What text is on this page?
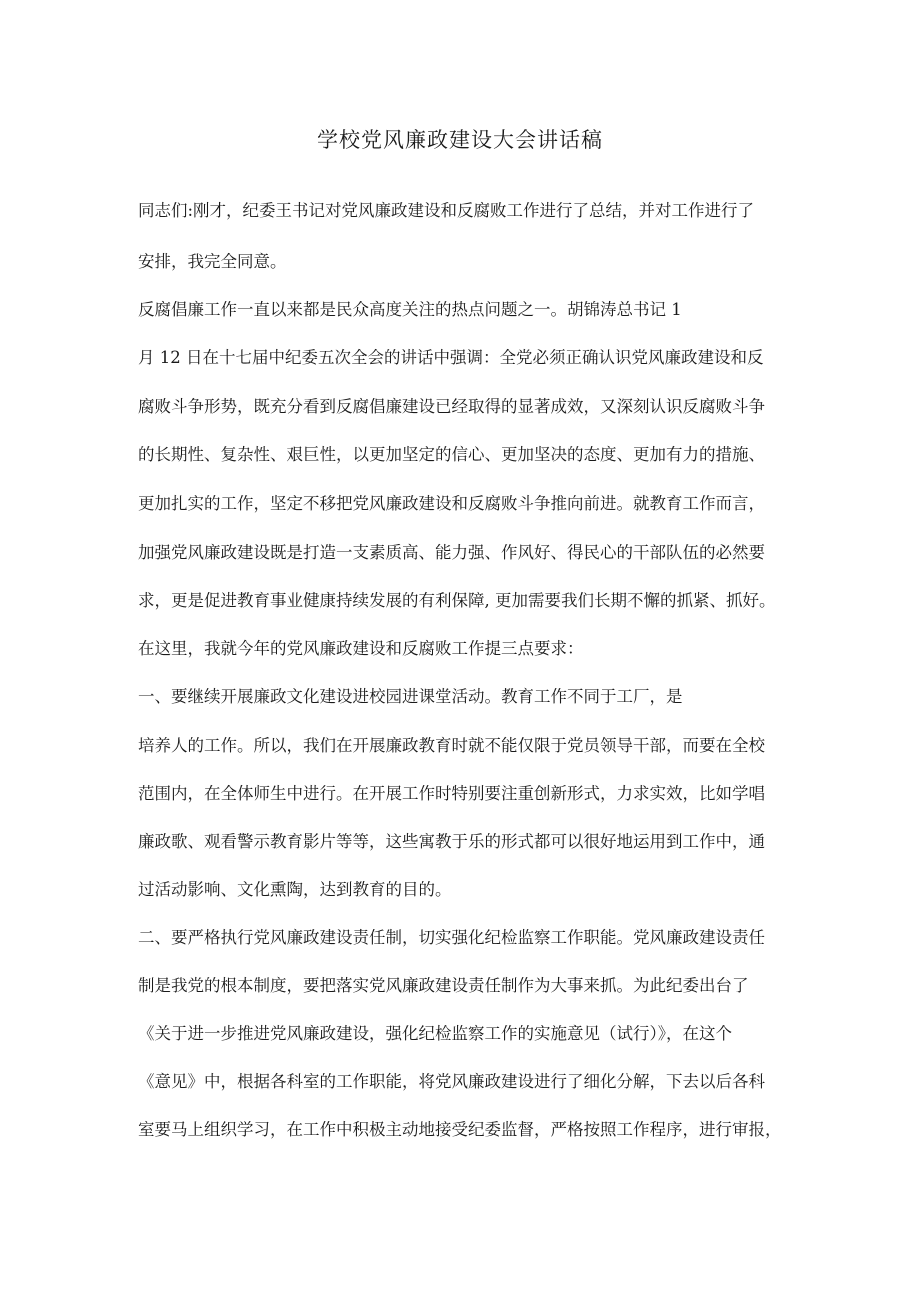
学校党风廉政建设大会讲话稿
同志们:刚才，纪委王书记对党风廉政建设和反腐败工作进行了总结，并对工作进行了
安排，我完全同意。
反腐倡廉工作一直以来都是民众高度关注的热点问题之一。胡锦涛总书记 1
月 12 日在十七届中纪委五次全会的讲话中强调：全党必须正确认识党风廉政建设和反
腐败斗争形势，既充分看到反腐倡廉建设已经取得的显著成效，又深刻认识反腐败斗争
的长期性、复杂性、艰巨性，以更加坚定的信心、更加坚决的态度、更加有力的措施、
更加扎实的工作，坚定不移把党风廉政建设和反腐败斗争推向前进。就教育工作而言，
加强党风廉政建设既是打造一支素质高、能力强、作风好、得民心的干部队伍的必然要
求，更是促进教育事业健康持续发展的有利保障, 更加需要我们长期不懈的抓紧、抓好。
在这里，我就今年的党风廉政建设和反腐败工作提三点要求：
一、要继续开展廉政文化建设进校园进课堂活动。教育工作不同于工厂，是
培养人的工作。所以，我们在开展廉政教育时就不能仅限于党员领导干部，而要在全校
范围内，在全体师生中进行。在开展工作时特别要注重创新形式，力求实效，比如学唱
廉政歌、观看警示教育影片等等，这些寓教于乐的形式都可以很好地运用到工作中，通
过活动影响、文化熏陶，达到教育的目的。
二、要严格执行党风廉政建设责任制，切实强化纪检监察工作职能。党风廉政建设责任
制是我党的根本制度，要把落实党风廉政建设责任制作为大事来抓。为此纪委出台了
《关于进一步推进党风廉政建设，强化纪检监察工作的实施意见（试行）》，在这个
《意见》中，根据各科室的工作职能，将党风廉政建设进行了细化分解，下去以后各科
室要马上组织学习，在工作中积极主动地接受纪委监督，严格按照工作程序，进行审报，
